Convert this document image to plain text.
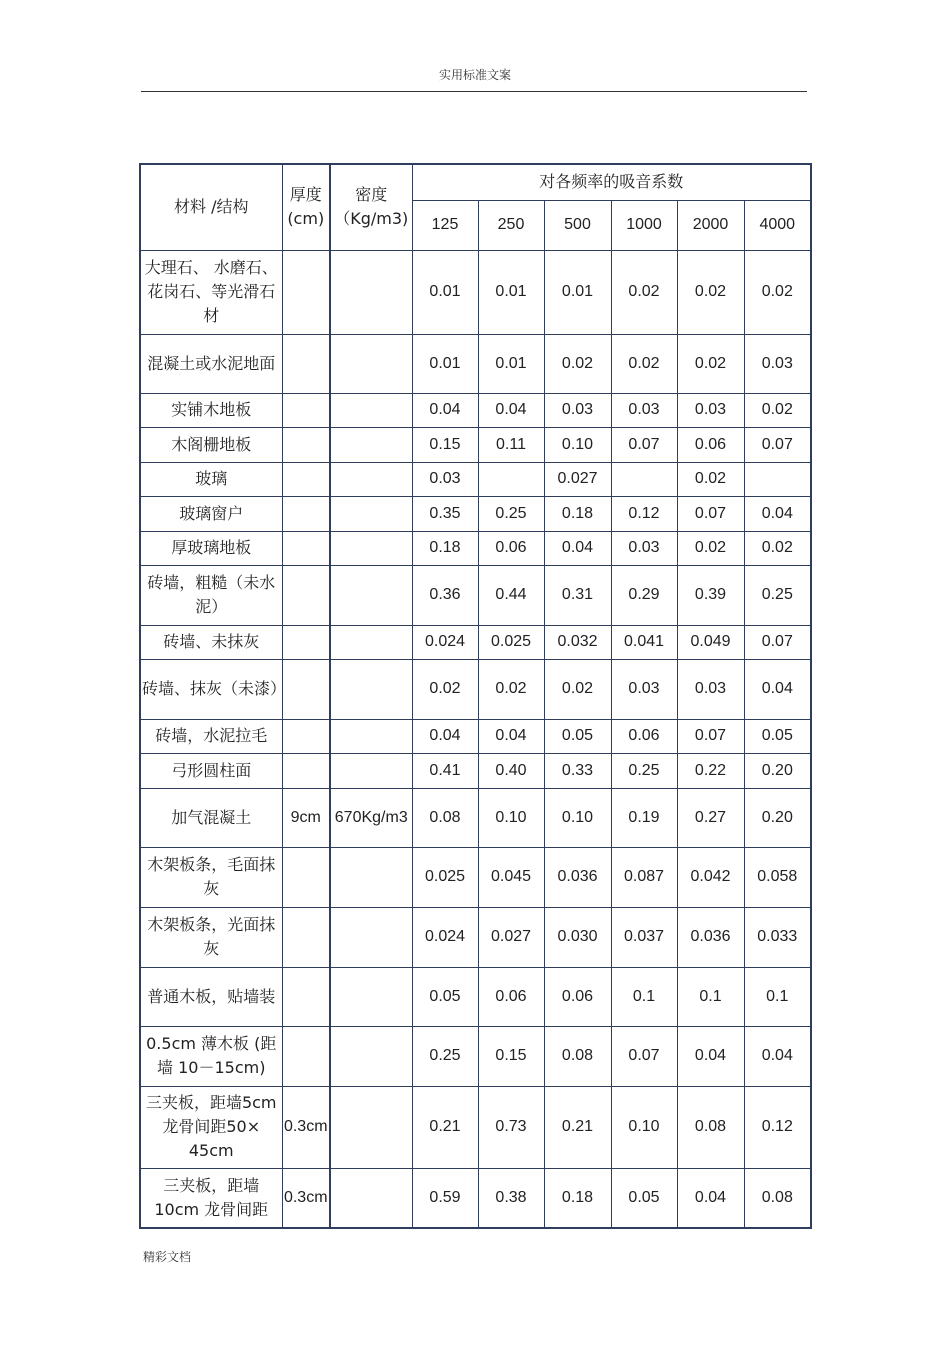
实用标准文案
材料 /结构	厚度(cm)	密度（Kg/m3)	对各频率的吸音系数					
			125	250	500	1000	2000	4000
大理石、 水磨石、花岗石、等光滑石材			0.01	0.01	0.01	0.02	0.02	0.02
混凝土或水泥地面			0.01	0.01	0.02	0.02	0.02	0.03
实铺木地板			0.04	0.04	0.03	0.03	0.03	0.02
木阁栅地板			0.15	0.11	0.10	0.07	0.06	0.07
玻璃			0.03		0.027		0.02	
玻璃窗户			0.35	0.25	0.18	0.12	0.07	0.04
厚玻璃地板			0.18	0.06	0.04	0.03	0.02	0.02
砖墙，粗糙（未水泥）			0.36	0.44	0.31	0.29	0.39	0.25
砖墙、未抹灰			0.024	0.025	0.032	0.041	0.049	0.07
砖墙、抹灰（未漆）			0.02	0.02	0.02	0.03	0.03	0.04
砖墙，水泥拉毛			0.04	0.04	0.05	0.06	0.07	0.05
弓形圆柱面			0.41	0.40	0.33	0.25	0.22	0.20
加气混凝土	9cm	670Kg/m3	0.08	0.10	0.10	0.19	0.27	0.20
木架板条，毛面抹灰			0.025	0.045	0.036	0.087	0.042	0.058
木架板条，光面抹灰			0.024	0.027	0.030	0.037	0.036	0.033
普通木板，贴墙装			0.05	0.06	0.06	0.1	0.1	0.1
0.5cm 薄木板 (距墙 10－15cm)			0.25	0.15	0.08	0.07	0.04	0.04
三夹板，距墙5cm 龙骨间距50× 45cm	0.3cm		0.21	0.73	0.21	0.10	0.08	0.12
三夹板，距墙10cm 龙骨间距	0.3cm		0.59	0.38	0.18	0.05	0.04	0.08
精彩文档
